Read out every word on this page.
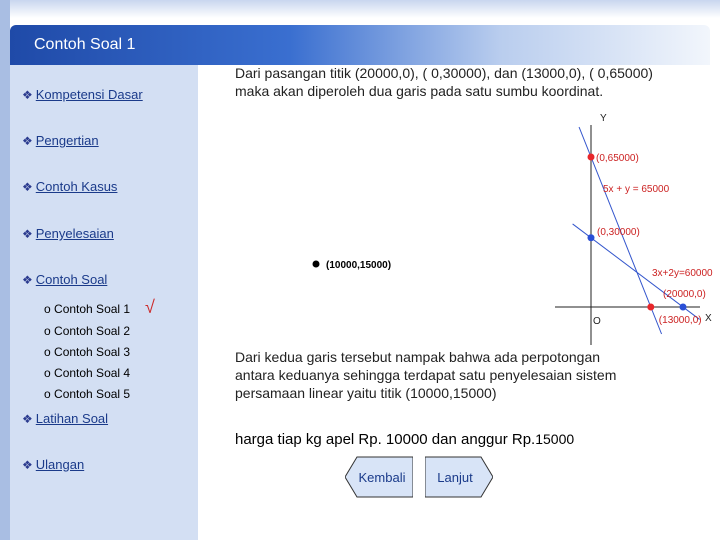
Contoh Soal 1
❖ Kompetensi Dasar
❖ Pengertian
❖ Contoh Kasus
❖ Penyelesaian
❖ Contoh Soal
o Contoh Soal 1 √
o Contoh Soal 2
o Contoh Soal 3
o Contoh Soal 4
o Contoh Soal 5
❖ Latihan Soal
❖ Ulangan
Dari pasangan titik (20000,0), ( 0,30000), dan (13000,0), ( 0,65000) maka akan diperoleh dua garis pada satu sumbu koordinat.
Y
X
O
5x + y = 65000
3x+2y=60000
(0,65000)
(0,30000)
(20000,0)
(13000,0)
(10000,15000)
Dari kedua garis tersebut nampak bahwa ada perpotongan antara keduanya sehingga terdapat satu penyelesaian sistem persamaan linear yaitu titik (10000,15000)
harga tiap kg apel Rp. 10000 dan anggur Rp.15000
Kembali	Lanjut
